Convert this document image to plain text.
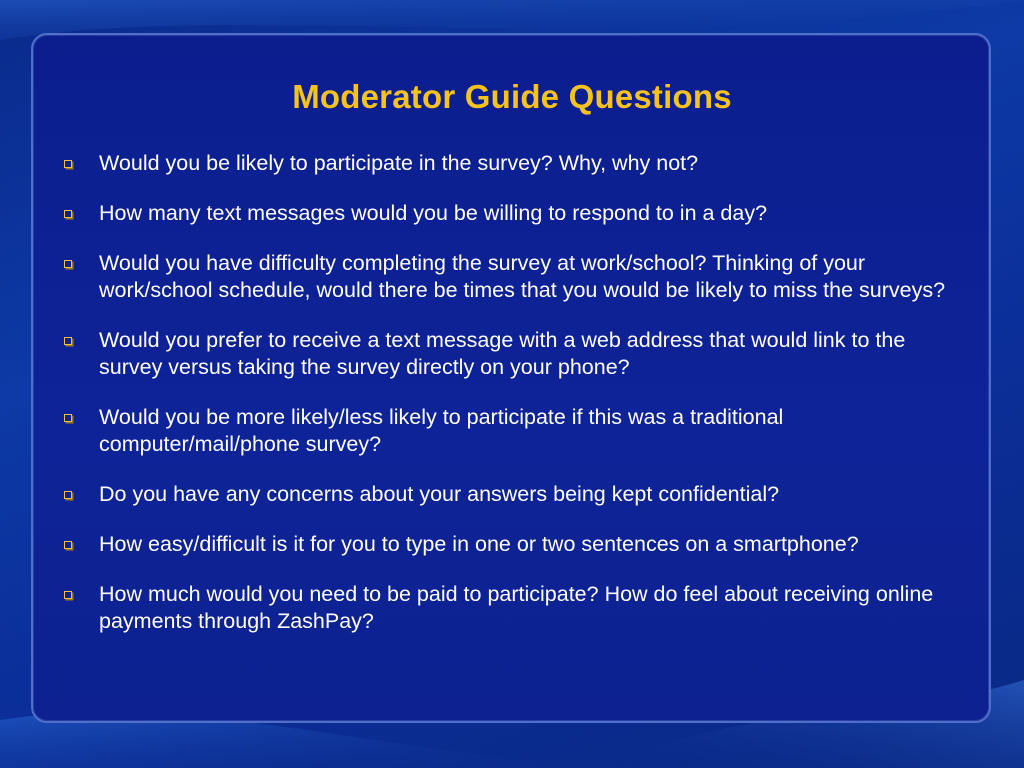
Moderator Guide Questions
Would you be likely to participate in the survey? Why, why not?
How many text messages would you be willing to respond to in a day?
Would you have difficulty completing the survey at work/school? Thinking of your work/school schedule, would there be times that you would be likely to miss the surveys?
Would you prefer to receive a text message with a web address that would link to the survey versus taking the survey directly on your phone?
Would you be more likely/less likely to participate if this was a traditional computer/mail/phone survey?
Do you have any concerns about your answers being kept confidential?
How easy/difficult is it for you to type in one or two sentences on a smartphone?
How much would you need to be paid to participate? How do feel about receiving online payments through ZashPay?
